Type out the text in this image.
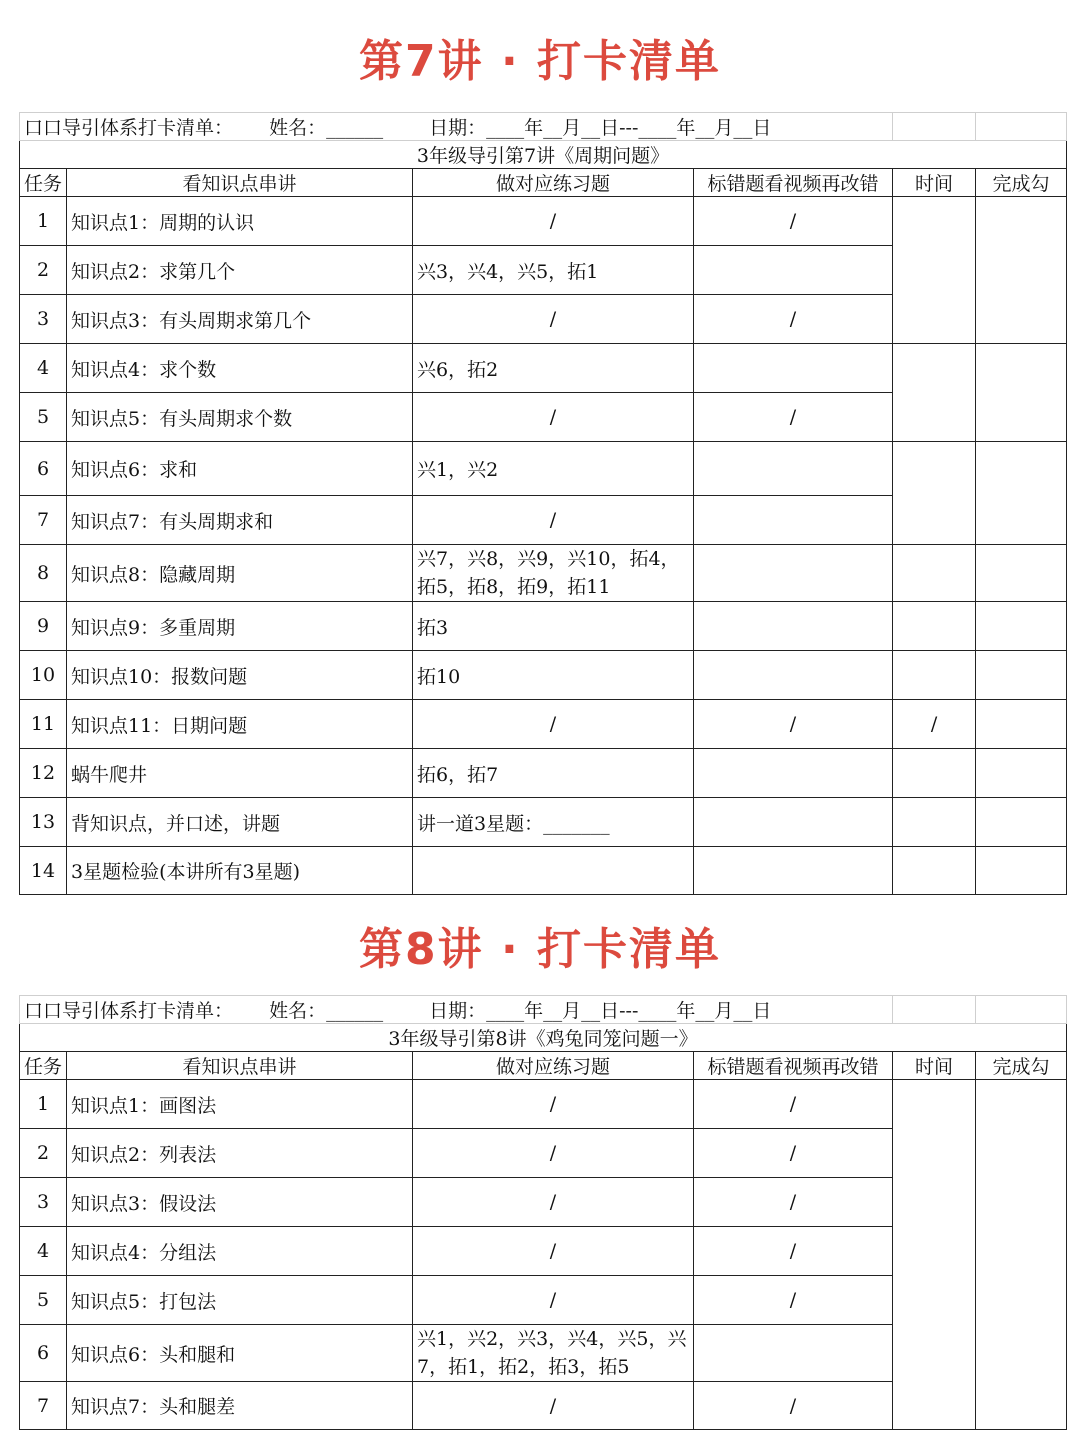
第7讲 · 打卡清单
口口导引体系打卡清单： 姓名：______ 日期：____年__月__日---____年__月__日					
3年级导引第7讲《周期问题》					
任务	看知识点串讲	做对应练习题	标错题看视频再改错	时间	完成勾
1	知识点1：周期的认识	/	/		
2	知识点2：求第几个	兴3，兴4，兴5，拓1			
3	知识点3：有头周期求第几个	/	/		
4	知识点4：求个数	兴6，拓2			
5	知识点5：有头周期求个数	/	/		
6	知识点6：求和	兴1，兴2			
7	知识点7：有头周期求和	/			
8	知识点8：隐藏周期	兴7，兴8，兴9，兴10，拓4，拓5，拓8，拓9，拓11			
9	知识点9：多重周期	拓3			
10	知识点10：报数问题	拓10			
11	知识点11：日期问题	/	/	/	
12	蜗牛爬井	拓6，拓7			
13	背知识点，并口述，讲题	讲一道3星题：_______			
14	3星题检验(本讲所有3星题)				
第8讲 · 打卡清单
口口导引体系打卡清单： 姓名：______ 日期：____年__月__日---____年__月__日					
3年级导引第8讲《鸡兔同笼问题一》					
任务	看知识点串讲	做对应练习题	标错题看视频再改错	时间	完成勾
1	知识点1：画图法	/	/		
2	知识点2：列表法	/	/		
3	知识点3：假设法	/	/		
4	知识点4：分组法	/	/		
5	知识点5：打包法	/	/		
6	知识点6：头和腿和	兴1，兴2，兴3，兴4，兴5，兴7，拓1，拓2，拓3，拓5			
7	知识点7：头和腿差	/	/		
